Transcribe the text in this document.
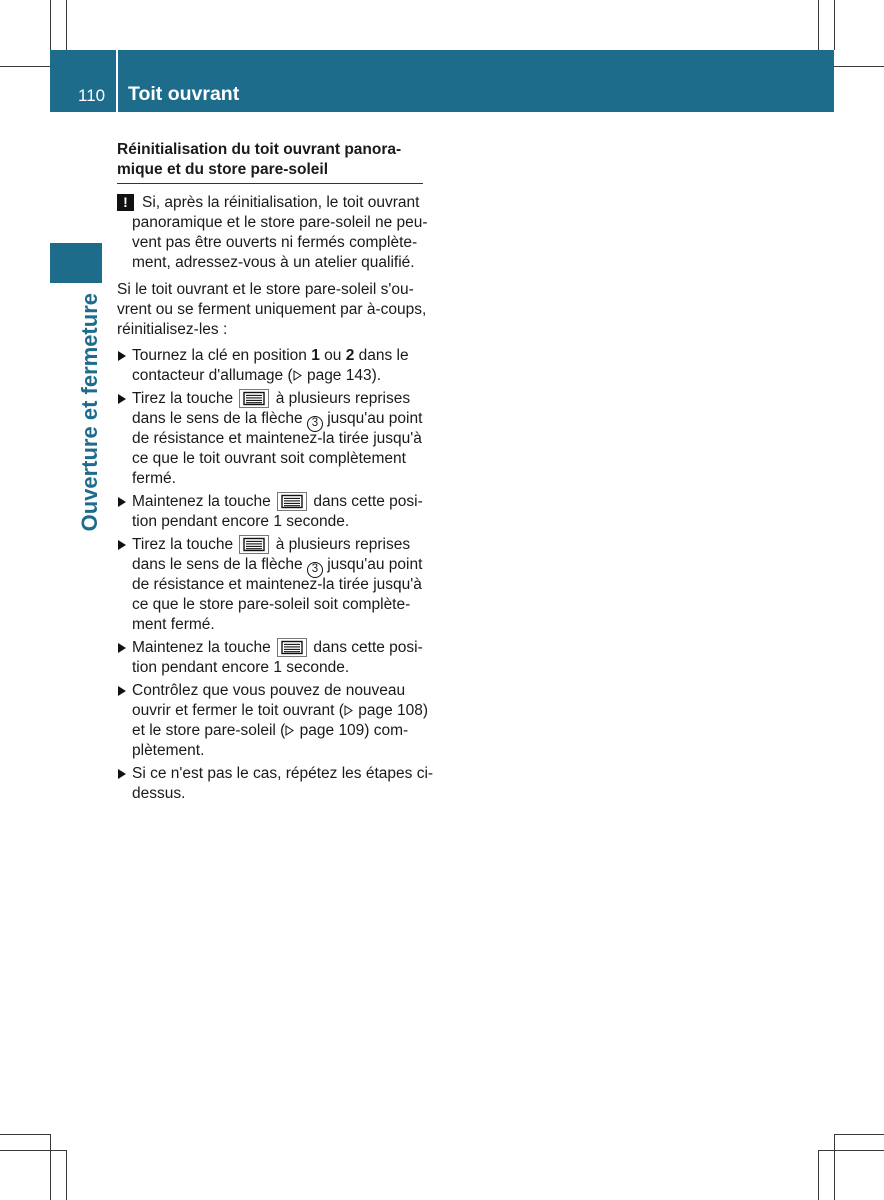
110 Toit ouvrant
Ouverture et fermeture
Réinitialisation du toit ouvrant panora-
mique et du store pare-soleil
! Si, après la réinitialisation, le toit ouvrant
panoramique et le store pare-soleil ne peu-
vent pas être ouverts ni fermés complète-
ment, adressez-vous à un atelier qualifié.
Si le toit ouvrant et le store pare-soleil s'ou-
vrent ou se ferment uniquement par à-coups,
réinitialisez-les :
Tournez la clé en position 1 ou 2 dans le
contacteur d'allumage ( page 143).
Tirez la touche  à plusieurs reprises
dans le sens de la flèche 3 jusqu'au point
de résistance et maintenez-la tirée jusqu'à
ce que le toit ouvrant soit complètement
fermé.
Maintenez la touche  dans cette posi-
tion pendant encore 1 seconde.
Tirez la touche  à plusieurs reprises
dans le sens de la flèche 3 jusqu'au point
de résistance et maintenez-la tirée jusqu'à
ce que le store pare-soleil soit complète-
ment fermé.
Maintenez la touche  dans cette posi-
tion pendant encore 1 seconde.
Contrôlez que vous pouvez de nouveau
ouvrir et fermer le toit ouvrant ( page 108)
et le store pare-soleil ( page 109) com-
plètement.
Si ce n'est pas le cas, répétez les étapes ci-
dessus.
